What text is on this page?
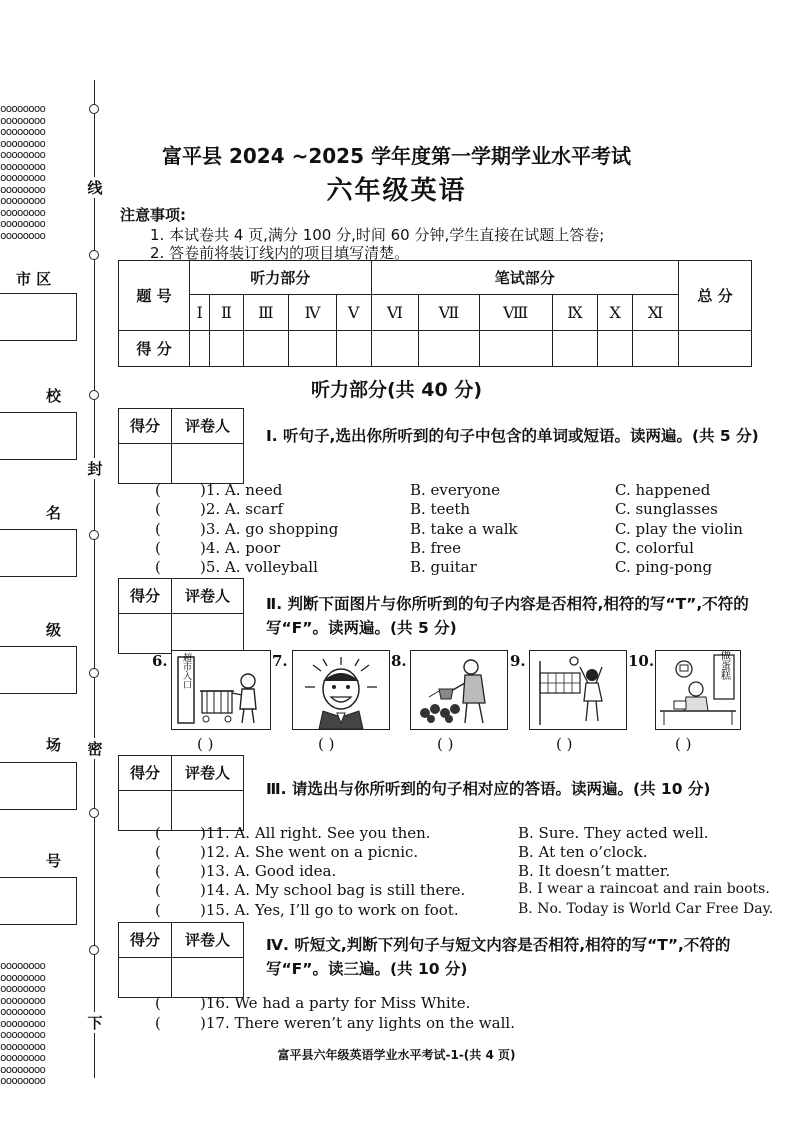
oooooooo
oooooooo
oooooooo
oooooooo
oooooooo
oooooooo
oooooooo
oooooooo
oooooooo
oooooooo
oooooooo
oooooooo

oooooooo
oooooooo
oooooooo
oooooooo
oooooooo
oooooooo
oooooooo
oooooooo
oooooooo
oooooooo
oooooooo

线
封
密
下
市 区
校
名
级
场
号
富平县 2024 ~2025 学年度第一学期学业水平考试
六年级英语
注意事项:
1. 本试卷共 4 页,满分 100 分,时间 60 分钟,学生直接在试题上答卷;
2. 答卷前将装订线内的项目填写清楚。
题 号	听力部分					笔试部分						总 分
	Ⅰ	Ⅱ	Ⅲ	Ⅳ	Ⅴ	Ⅵ	Ⅶ	Ⅷ	Ⅸ	Ⅹ	Ⅺ	
得 分												
听力部分(共 40 分)
得分	评卷人
Ⅰ. 听句子,选出你所听到的句子中包含的单词或短语。读两遍。(共 5 分)
(	)1. A. need	B. everyone	C. happened
(	)2. A. scarf	B. teeth	C. sunglasses
(	)3. A. go shopping	B. take a walk	C. play the violin
(	)4. A. poor	B. free	C. colorful
(	)5. A. volleyball	B. guitar	C. ping-pong
得分	评卷人	Ⅱ. 判断下面图片与你所听到的句子内容是否相符,相符的写“T”,不符的写“F”。读两遍。(共 5 分)
6. 超市入口	7.	8.	9.	10.	做蛋糕
( )	( )	( )	( )	( )
得分	评卷人
Ⅲ. 请选出与你所听到的句子相对应的答语。读两遍。(共 10 分)
(	)11. A. All right. See you then.	B. Sure. They acted well.
(	)12. A. She went on a picnic.	B. At ten o’clock.
(	)13. A. Good idea.	B. It doesn’t matter.
(	)14. A. My school bag is still there.	B. I wear a raincoat and rain boots.
(	)15. A. Yes, I’ll go to work on foot.	B. No. Today is World Car Free Day.
得分	评卷人	Ⅳ. 听短文,判断下列句子与短文内容是否相符,相符的写“T”,不符的写“F”。读三遍。(共 10 分)
(	)16. We had a party for Miss White.
(	)17. There weren’t any lights on the wall.
富平县六年级英语学业水平考试-1-(共 4 页)
